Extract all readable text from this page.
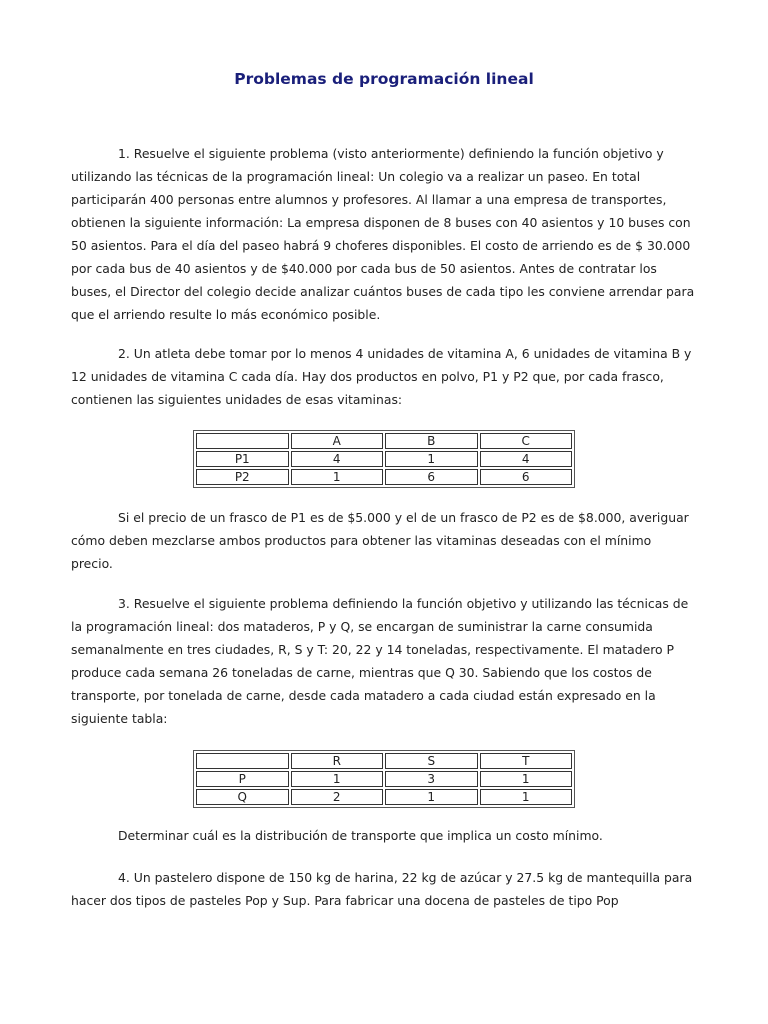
Problemas de programación lineal

1. Resuelve el siguiente problema (visto anteriormente) definiendo la función objetivo y utilizando las técnicas de la programación lineal: Un colegio va a realizar un paseo. En total participarán 400 personas entre alumnos y profesores. Al llamar a una empresa de transportes, obtienen la siguiente información: La empresa disponen de 8 buses con 40 asientos y 10 buses con 50 asientos. Para el día del paseo habrá 9 choferes disponibles. El costo de arriendo es de $ 30.000 por cada bus de 40 asientos y de $40.000 por cada bus de 50 asientos. Antes de contratar los buses, el Director del colegio decide analizar cuántos buses de cada tipo les conviene arrendar para que el arriendo resulte lo más económico posible.

2. Un atleta debe tomar por lo menos 4 unidades de vitamina A, 6 unidades de vitamina B y 12 unidades de vitamina C cada día. Hay dos productos en polvo, P1 y P2 que, por cada frasco, contienen las siguientes unidades de esas vitaminas:

	A	B	C
P1	4	1	4
P2	1	6	6

Si el precio de un frasco de P1 es de $5.000 y el de un frasco de P2 es de $8.000, averiguar cómo deben mezclarse ambos productos para obtener las vitaminas deseadas con el mínimo precio.

3. Resuelve el siguiente problema definiendo la función objetivo y utilizando las técnicas de la programación lineal: dos mataderos, P y Q, se encargan de suministrar la carne consumida semanalmente en tres ciudades, R, S y T: 20, 22 y 14 toneladas, respectivamente. El matadero P produce cada semana 26 toneladas de carne, mientras que Q 30. Sabiendo que los costos de transporte, por tonelada de carne, desde cada matadero a cada ciudad están expresado en la siguiente tabla:

	R	S	T
P	1	3	1
Q	2	1	1

Determinar cuál es la distribución de transporte que implica un costo mínimo.

4. Un pastelero dispone de 150 kg de harina, 22 kg de azúcar y 27.5 kg de mantequilla para hacer dos tipos de pasteles Pop y Sup. Para fabricar una docena de pasteles de tipo Pop
